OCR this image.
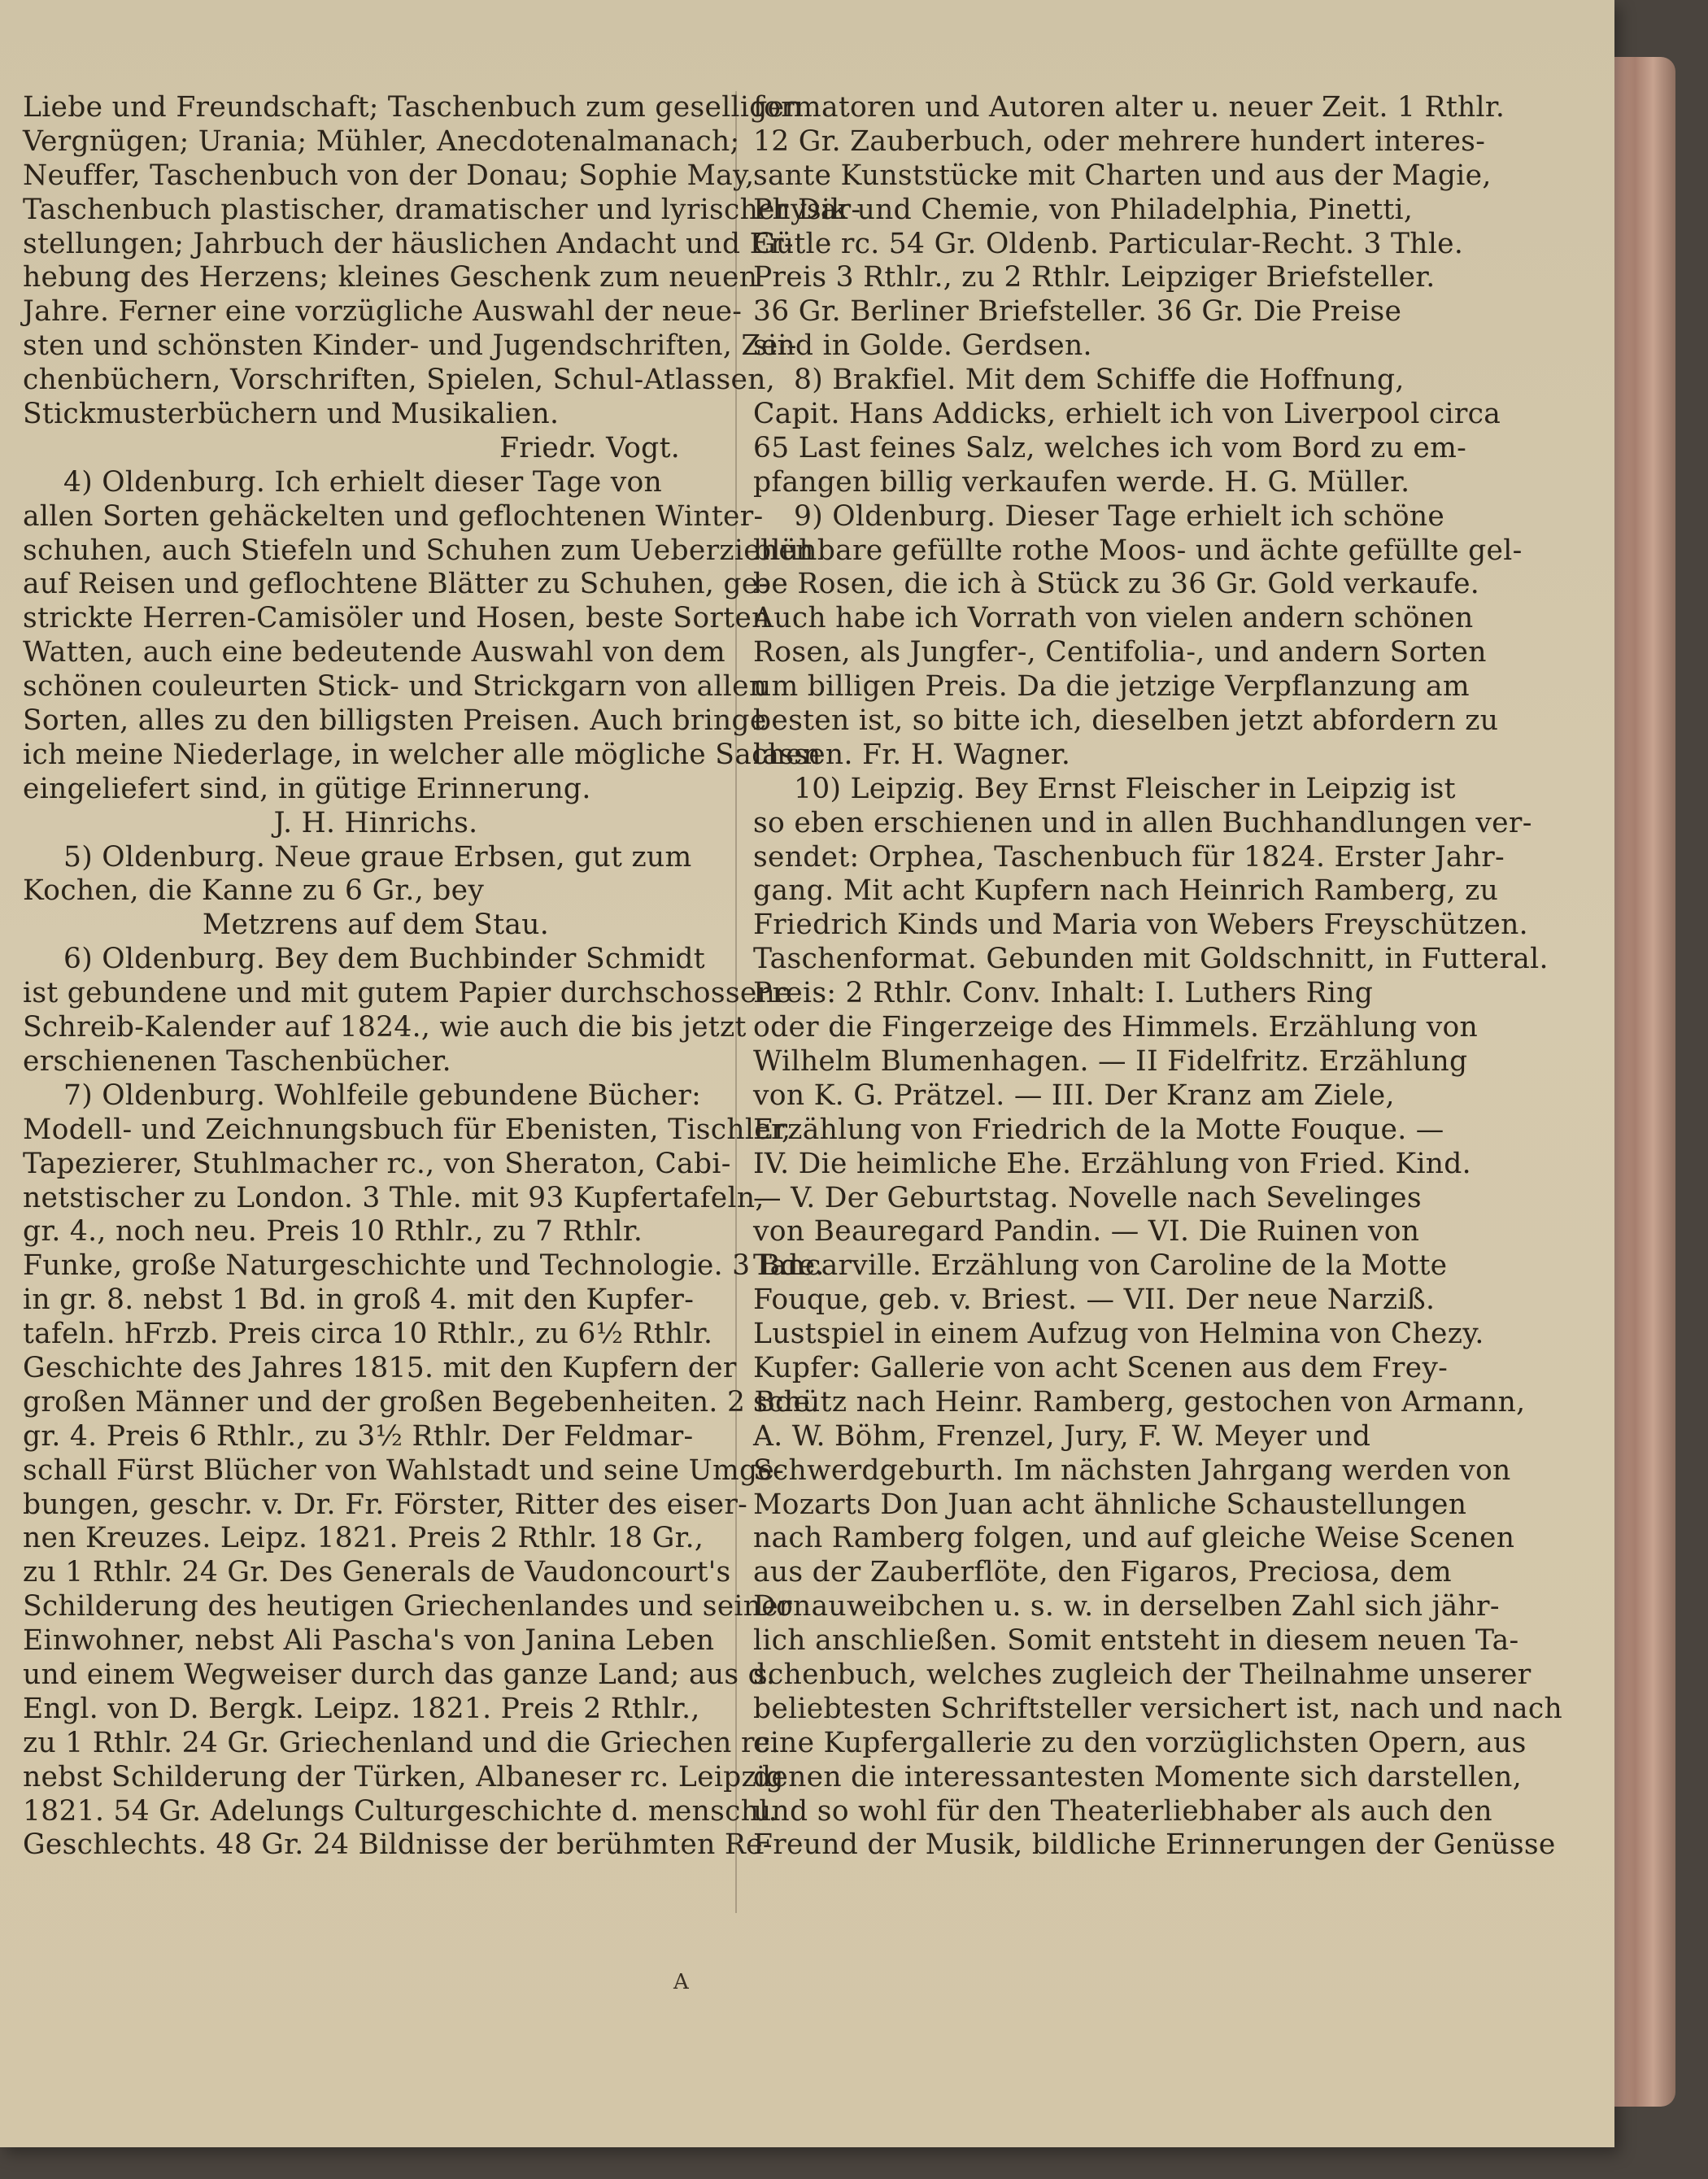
Liebe und Freundschaft; Taschenbuch zum geselligen
Vergnügen; Urania; Mühler, Anecdotenalmanach;
Neuffer, Taschenbuch von der Donau; Sophie May,
Taschenbuch plastischer, dramatischer und lyrischer Dar-
stellungen; Jahrbuch der häuslichen Andacht und Er-
hebung des Herzens; kleines Geschenk zum neuen
Jahre. Ferner eine vorzügliche Auswahl der neue-
sten und schönsten Kinder- und Jugendschriften, Zei-
chenbüchern, Vorschriften, Spielen, Schul-Atlassen,
Stickmusterbüchern und Musikalien.
Friedr. Vogt.
4) Oldenburg. Ich erhielt dieser Tage von
allen Sorten gehäckelten und geflochtenen Winter-
schuhen, auch Stiefeln und Schuhen zum Ueberziehen
auf Reisen und geflochtene Blätter zu Schuhen, ge-
strickte Herren-Camisöler und Hosen, beste Sorten
Watten, auch eine bedeutende Auswahl von dem
schönen couleurten Stick- und Strickgarn von allen
Sorten, alles zu den billigsten Preisen. Auch bringe
ich meine Niederlage, in welcher alle mögliche Sachen
eingeliefert sind, in gütige Erinnerung.
J. H. Hinrichs.
5) Oldenburg. Neue graue Erbsen, gut zum
Kochen, die Kanne zu 6 Gr., bey
Metzrens auf dem Stau.
6) Oldenburg. Bey dem Buchbinder Schmidt
ist gebundene und mit gutem Papier durchschossene
Schreib-Kalender auf 1824., wie auch die bis jetzt
erschienenen Taschenbücher.
7) Oldenburg. Wohlfeile gebundene Bücher:
Modell- und Zeichnungsbuch für Ebenisten, Tischler,
Tapezierer, Stuhlmacher rc., von Sheraton, Cabi-
netstischer zu London. 3 Thle. mit 93 Kupfertafeln,
gr. 4., noch neu. Preis 10 Rthlr., zu 7 Rthlr.
Funke, große Naturgeschichte und Technologie. 3 Bde.
in gr. 8. nebst 1 Bd. in groß 4. mit den Kupfer-
tafeln. hFrzb. Preis circa 10 Rthlr., zu 6½ Rthlr.
Geschichte des Jahres 1815. mit den Kupfern der
großen Männer und der großen Begebenheiten. 2 Bde.
gr. 4. Preis 6 Rthlr., zu 3½ Rthlr. Der Feldmar-
schall Fürst Blücher von Wahlstadt und seine Umge-
bungen, geschr. v. Dr. Fr. Förster, Ritter des eiser-
nen Kreuzes. Leipz. 1821. Preis 2 Rthlr. 18 Gr.,
zu 1 Rthlr. 24 Gr. Des Generals de Vaudoncourt's
Schilderung des heutigen Griechenlandes und seiner
Einwohner, nebst Ali Pascha's von Janina Leben
und einem Wegweiser durch das ganze Land; aus d.
Engl. von D. Bergk. Leipz. 1821. Preis 2 Rthlr.,
zu 1 Rthlr. 24 Gr. Griechenland und die Griechen rc.
nebst Schilderung der Türken, Albaneser rc. Leipzig
1821. 54 Gr. Adelungs Culturgeschichte d. menschl.
Geschlechts. 48 Gr. 24 Bildnisse der berühmten Re-
formatoren und Autoren alter u. neuer Zeit. 1 Rthlr.
12 Gr. Zauberbuch, oder mehrere hundert interes-
sante Kunststücke mit Charten und aus der Magie,
Physik und Chemie, von Philadelphia, Pinetti,
Gütle rc. 54 Gr. Oldenb. Particular-Recht. 3 Thle.
Preis 3 Rthlr., zu 2 Rthlr. Leipziger Briefsteller.
36 Gr. Berliner Briefsteller. 36 Gr. Die Preise
sind in Golde. Gerdsen.
8) Brakfiel. Mit dem Schiffe die Hoffnung,
Capit. Hans Addicks, erhielt ich von Liverpool circa
65 Last feines Salz, welches ich vom Bord zu em-
pfangen billig verkaufen werde. H. G. Müller.
9) Oldenburg. Dieser Tage erhielt ich schöne
blühbare gefüllte rothe Moos- und ächte gefüllte gel-
be Rosen, die ich à Stück zu 36 Gr. Gold verkaufe.
Auch habe ich Vorrath von vielen andern schönen
Rosen, als Jungfer-, Centifolia-, und andern Sorten
um billigen Preis. Da die jetzige Verpflanzung am
besten ist, so bitte ich, dieselben jetzt abfordern zu
lassen. Fr. H. Wagner.
10) Leipzig. Bey Ernst Fleischer in Leipzig ist
so eben erschienen und in allen Buchhandlungen ver-
sendet: Orphea, Taschenbuch für 1824. Erster Jahr-
gang. Mit acht Kupfern nach Heinrich Ramberg, zu
Friedrich Kinds und Maria von Webers Freyschützen.
Taschenformat. Gebunden mit Goldschnitt, in Futteral.
Preis: 2 Rthlr. Conv. Inhalt: I. Luthers Ring
oder die Fingerzeige des Himmels. Erzählung von
Wilhelm Blumenhagen. — II Fidelfritz. Erzählung
von K. G. Prätzel. — III. Der Kranz am Ziele,
Erzählung von Friedrich de la Motte Fouque. —
IV. Die heimliche Ehe. Erzählung von Fried. Kind.
— V. Der Geburtstag. Novelle nach Sevelinges
von Beauregard Pandin. — VI. Die Ruinen von
Tancarville. Erzählung von Caroline de la Motte
Fouque, geb. v. Briest. — VII. Der neue Narziß.
Lustspiel in einem Aufzug von Helmina von Chezy.
Kupfer: Gallerie von acht Scenen aus dem Frey-
schütz nach Heinr. Ramberg, gestochen von Armann,
A. W. Böhm, Frenzel, Jury, F. W. Meyer und
Schwerdgeburth. Im nächsten Jahrgang werden von
Mozarts Don Juan acht ähnliche Schaustellungen
nach Ramberg folgen, und auf gleiche Weise Scenen
aus der Zauberflöte, den Figaros, Preciosa, dem
Donauweibchen u. s. w. in derselben Zahl sich jähr-
lich anschließen. Somit entsteht in diesem neuen Ta-
schenbuch, welches zugleich der Theilnahme unserer
beliebtesten Schriftsteller versichert ist, nach und nach
eine Kupfergallerie zu den vorzüglichsten Opern, aus
denen die interessantesten Momente sich darstellen,
und so wohl für den Theaterliebhaber als auch den
Freund der Musik, bildliche Erinnerungen der Genüsse
A
